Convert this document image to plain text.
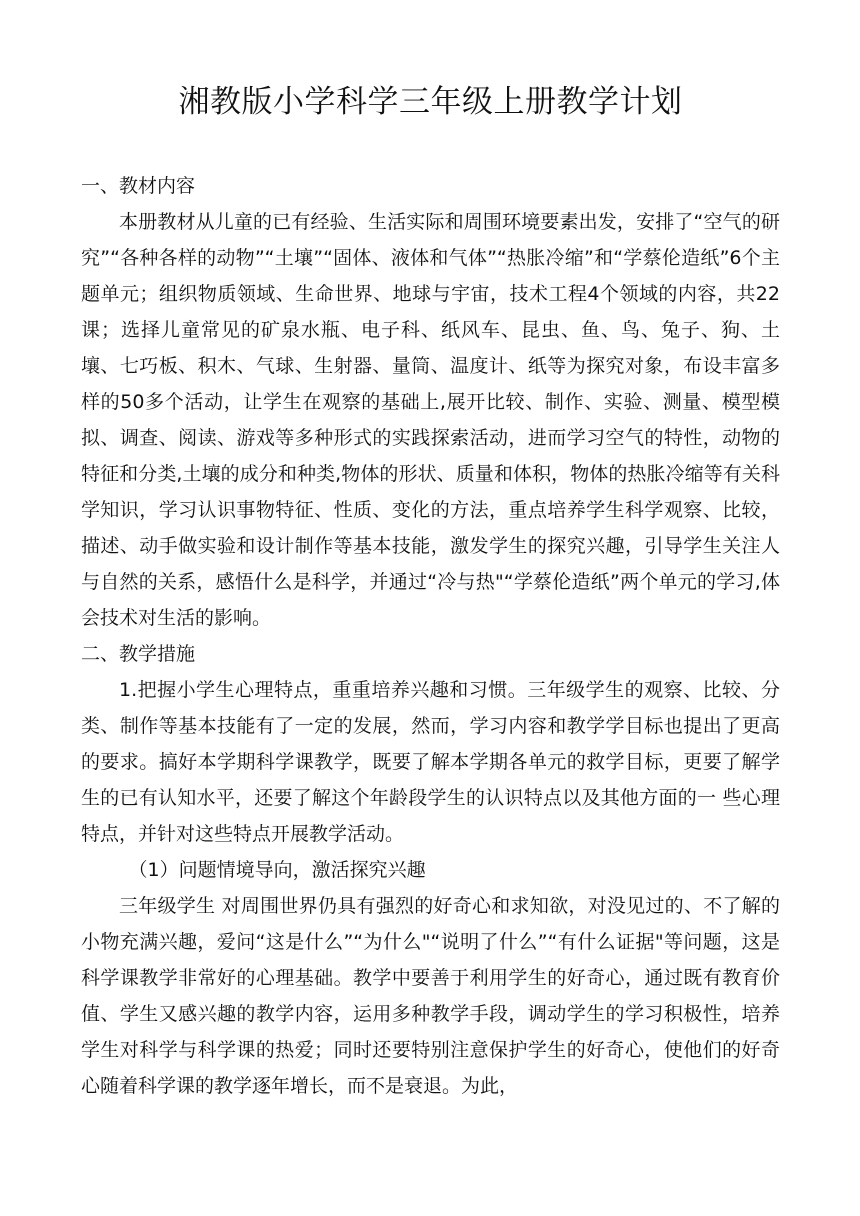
湘教版小学科学三年级上册教学计划
一、教材内容

本册教材从儿童的已有经验、生活实际和周围环境要素出发，安排了“空气的研究”“各种各样的动物”“土壤”“固体、液体和气体”“热胀冷缩”和“学蔡伦造纸”6个主题单元；组织物质领域、生命世界、地球与宇宙，技术工程4个领域的内容，共22课；选择儿童常见的矿泉水瓶、电子科、纸风车、昆虫、鱼、鸟、兔子、狗、土壤、七巧板、积木、气球、生射器、量筒、温度计、纸等为探究对象，布设丰富多样的50多个活动，让学生在观察的基础上,展开比较、制作、实验、测量、模型模拟、调查、阅读、游戏等多种形式的实践探索活动，进而学习空气的特性，动物的特征和分类,土壤的成分和种类,物体的形状、质量和体积，物体的热胀冷缩等有关科学知识，学习认识事物特征、性质、变化的方法，重点培养学生科学观察、比较，描述、动手做实验和设计制作等基本技能，激发学生的探究兴趣，引导学生关注人与自然的关系，感悟什么是科学，并通过“冷与热"“学蔡伦造纸”两个单元的学习,体会技术对生活的影响。

二、教学措施

1.把握小学生心理特点，重重培养兴趣和习惯。三年级学生的观察、比较、分类、制作等基本技能有了一定的发展，然而，学习内容和教学学目标也提出了更高的要求。搞好本学期科学课教学，既要了解本学期各单元的救学目标，更要了解学生的已有认知水平，还要了解这个年龄段学生的认识特点以及其他方面的一 些心理特点，并针对这些特点开展教学活动。

（1）问题情境导向，激活探究兴趣

三年级学生 对周围世界仍具有强烈的好奇心和求知欲，对没见过的、不了解的小物充满兴趣，爱问“这是什么”“为什么"“说明了什么”“有什么证据"等问题，这是科学课教学非常好的心理基础。教学中要善于利用学生的好奇心，通过既有教育价值、学生又感兴趣的教学内容，运用多种教学手段，调动学生的学习积极性，培养学生对科学与科学课的热爱；同时还要特别注意保护学生的好奇心，使他们的好奇心随着科学课的教学逐年增长，而不是衰退。为此，
